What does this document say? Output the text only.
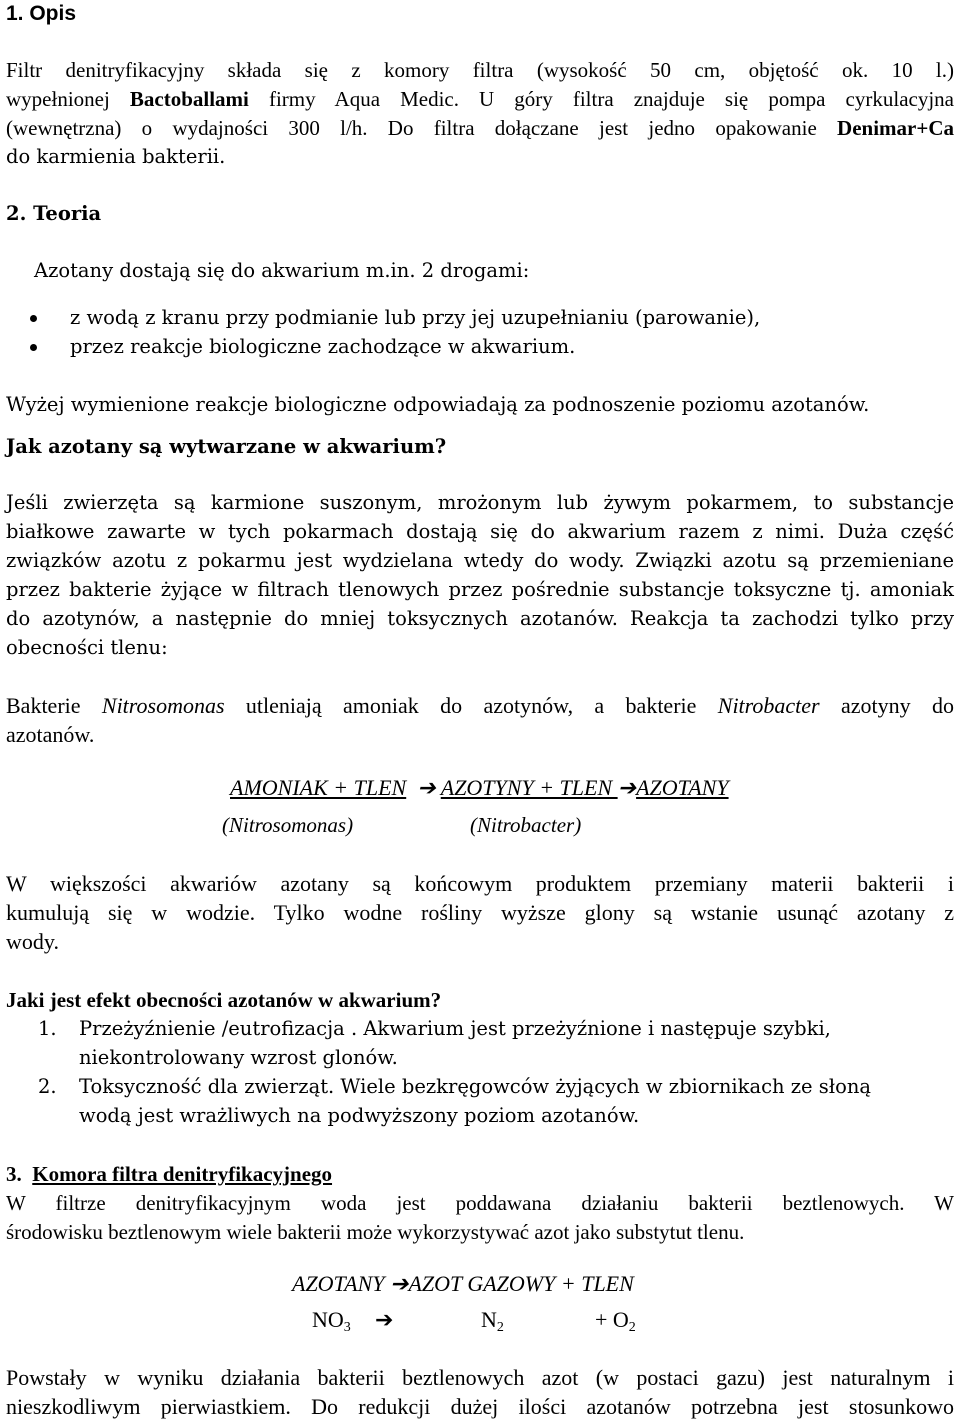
1. Opis
Filtr denitryfikacyjny składa się z komory filtra (wysokość 50 cm, objętość ok. 10 l.)
wypełnionej Bactoballami firmy Aqua Medic. U góry filtra znajduje się pompa cyrkulacyjna
(wewnętrzna) o wydajności 300 l/h. Do filtra dołączane jest jedno opakowanie Denimar+Ca
do karmienia bakterii.
2. Teoria
Azotany dostają się do akwarium m.in. 2 drogami:
z wodą z kranu przy podmianie lub przy jej uzupełnianiu (parowanie),
przez reakcje biologiczne zachodzące w akwarium.
Wyżej wymienione reakcje biologiczne odpowiadają za podnoszenie poziomu azotanów.
Jak azotany są wytwarzane w akwarium?
Jeśli zwierzęta są karmione suszonym, mrożonym lub żywym pokarmem, to substancje
białkowe zawarte w tych pokarmach dostają się do akwarium razem z nimi. Duża część
związków azotu z pokarmu jest wydzielana wtedy do wody. Związki azotu są przemieniane
przez bakterie żyjące w filtrach tlenowych przez pośrednie substancje toksyczne tj. amoniak
do azotynów, a następnie do mniej toksycznych azotanów. Reakcja ta zachodzi tylko przy
obecności tlenu:
Bakterie Nitrosomonas utleniają amoniak do azotynów, a bakterie Nitrobacter azotyny do
azotanów.
AMONIAK + TLEN ➔ AZOTYNY + TLEN ➔AZOTANY
(Nitrosomonas)	(Nitrobacter)
W większości akwariów azotany są końcowym produktem przemiany materii bakterii i
kumulują się w wodzie. Tylko wodne rośliny wyższe glony są wstanie usunąć azotany z
wody.
Jaki jest efekt obecności azotanów w akwarium?
1. Przeżyźnienie /eutrofizacja . Akwarium jest przeżyźnione i następuje szybki,
niekontrolowany wzrost glonów.
2. Toksyczność dla zwierząt. Wiele bezkręgowców żyjących w zbiornikach ze słoną
wodą jest wrażliwych na podwyższony poziom azotanów.
3. Komora filtra denitryfikacyjnego
W filtrze denitryfikacyjnym woda jest poddawana działaniu bakterii beztlenowych. W
środowisku beztlenowym wiele bakterii może wykorzystywać azot jako substytut tlenu.
AZOTANY ➔AZOT GAZOWY + TLEN
$NO_3$ ➔	$N_2$	+ $O_2$
Powstały w wyniku działania bakterii beztlenowych azot (w postaci gazu) jest naturalnym i
nieszkodliwym pierwiastkiem. Do redukcji dużej ilości azotanów potrzebna jest stosunkowo
